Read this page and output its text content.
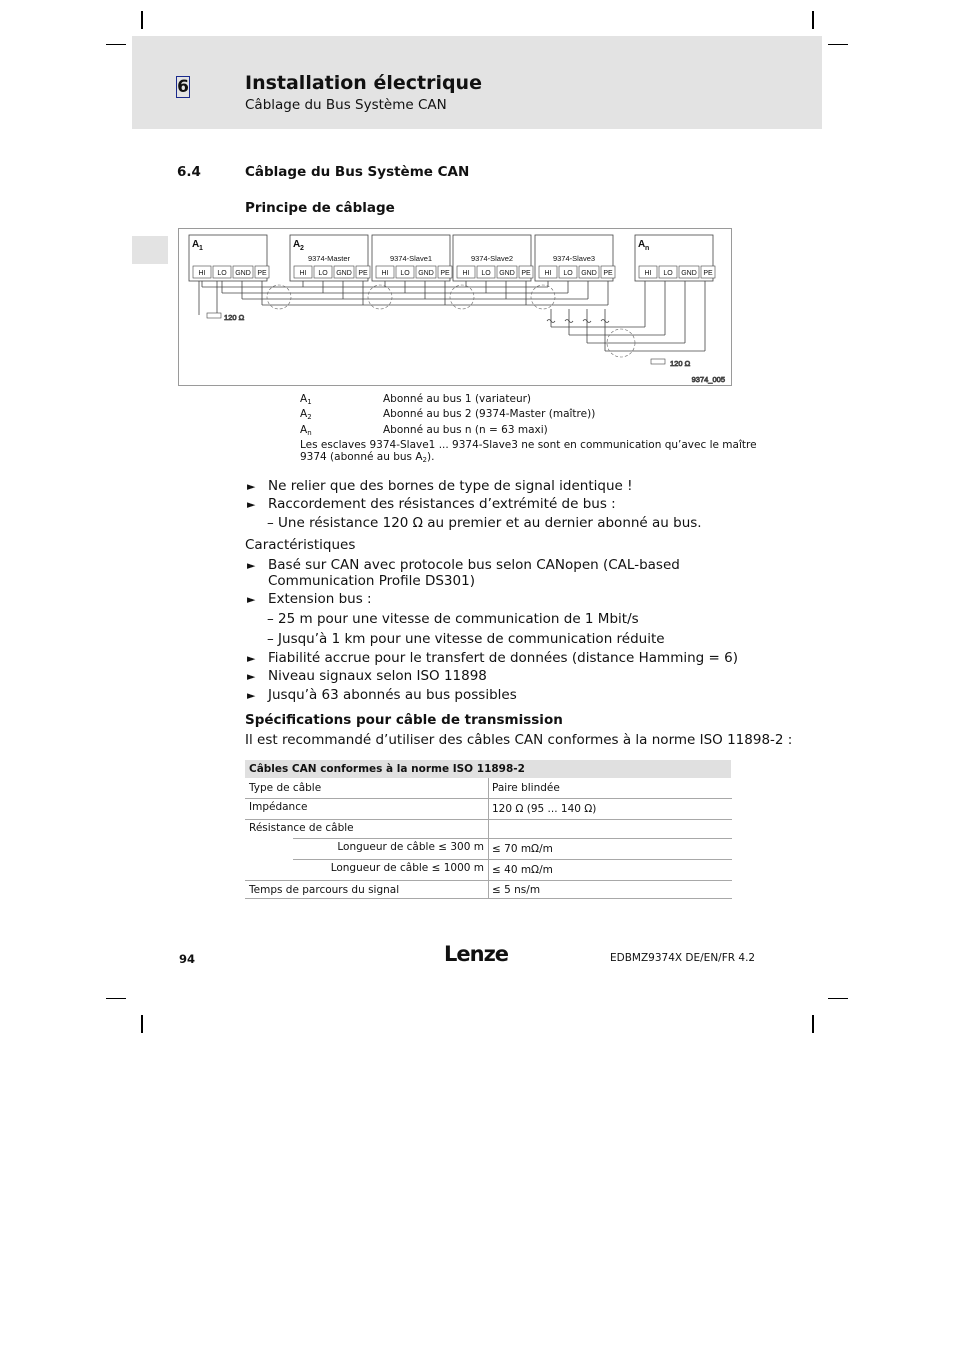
6	Installation électrique
Câblage du Bus Système CAN
6.4	Câblage du Bus Système CAN
Principe de câblage
120 Ω
120 Ω
9374_005
A 1
HI LO GND PE
A 2
9374-Master
HI LO GND PE
9374-Slave1
HI LO GND PE
9374-Slave2
HI LO GND PE
9374-Slave3
HI LO GND PE
A n
HI LO GND PE
$A_1$	Abonné au bus 1 (variateur)
$A_2$	Abonné au bus 2 (9374-Master (maître))
$A_n$	Abonné au bus n (n = 63 maxi)
Les esclaves 9374-Slave1 ... 9374-Slave3 ne sont en communication qu’avec le maître
9374 (abonné au bus $A_2$).
► Ne relier que des bornes de type de signal identique !
► Raccordement des résistances d’extrémité de bus :
– Une résistance 120 Ω au premier et au dernier abonné au bus.
Caractéristiques
► Basé sur CAN avec protocole bus selon CANopen (CAL-based
Communication Profile DS301)
► Extension bus :
– 25 m pour une vitesse de communication de 1 Mbit/s
– Jusqu’à 1 km pour une vitesse de communication réduite
► Fiabilité accrue pour le transfert de données (distance Hamming = 6)
► Niveau signaux selon ISO 11898
► Jusqu’à 63 abonnés au bus possibles
Spécifications pour câble de transmission
Il est recommandé d’utiliser des câbles CAN conformes à la norme ISO 11898-2 :
Câbles CAN conformes à la norme ISO 11898-2
Type de câble	Paire blindée
Impédance	120 Ω (95 ... 140 Ω)
Résistance de câble
Longueur de câble ≤ 300 m ≤ 70 mΩ/m
Longueur de câble ≤ 1000 m ≤ 40 mΩ/m
Temps de parcours du signal	≤ 5 ns/m
94	Lenze	EDBMZ9374X DE/EN/FR 4.2
